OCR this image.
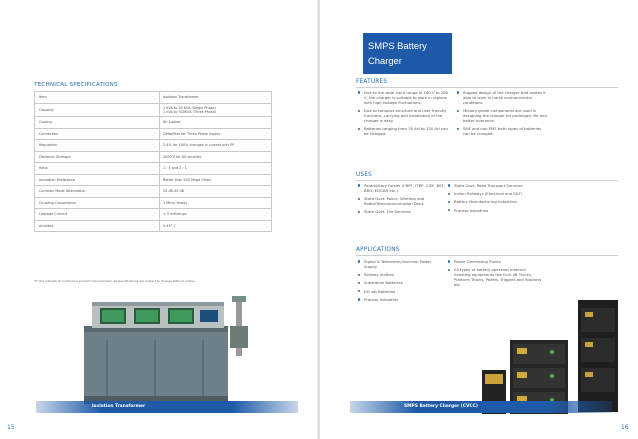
TECHNICAL SPECIFICATIONS
Item	Isolation Transformer
Capacity	1 KVA to 50 KVA (Single Phase)
1 KVA to 500KVA (Three Phase)
Cooling	Air Cooled
Connection	Delta/Star for Three Phase Supply
Regulation	2-4% for 100% changes in current only PF
Dielectric Strength	2000 V for 60 seconds
Ratio	1 : 1 and 2 : 1
Insulation Resistance	Better than 500 Mega Ohms
Common Mode Attenuation	20 dB-40 dB
Coupling Capacitance	1 Micro farads
Leakage Current	< 5 milliamps
Ambient	0-45° C
*In the interest of continuous product improvement, all specifications are subject to change without notice.
Isolation Transformer
15
SMPS Battery
Charger
FEATURES
Due to the wide input range of 160 V to 280 V, the charger is suitable to work in regions with high voltage fluctuations.
Due to compact structure and user friendly functions, carrying and installation of the charger is easy.
Batteries ranging from 35 AH to 120 AH can be charged.
Rugged design of the charger that makes it able to work in harsh environmental conditions
Military grade components are used in designing the charger for prolonged life and better tolerance.
SMF and non SMF both types of batteries can be charged.
USES
Paramilitary Forces (CRPF, ITBP, CISF, BSF, BRO, EDGAR etc.)
State Govt. Police, Wireless and Radio/Telecommunication Dept.
State Govt. Fire Services
State Govt. Road Transport Services
Indian Railways (Electrical and S&T)
Battery Manufacturing Industries
Process Industries
APPLICATIONS
Signal & Telecomm/Intercom Power Supply
Railway utilities
Substation Batteries
DG set Batteries
Process Industries
Power Generating Plants
All types of battery operated material handling equipments like Fork-lift Trucks, Platform Trucks, Pallets, Triggers and Stackers etc.
SMPS Battery Charger (CVCC)
16
